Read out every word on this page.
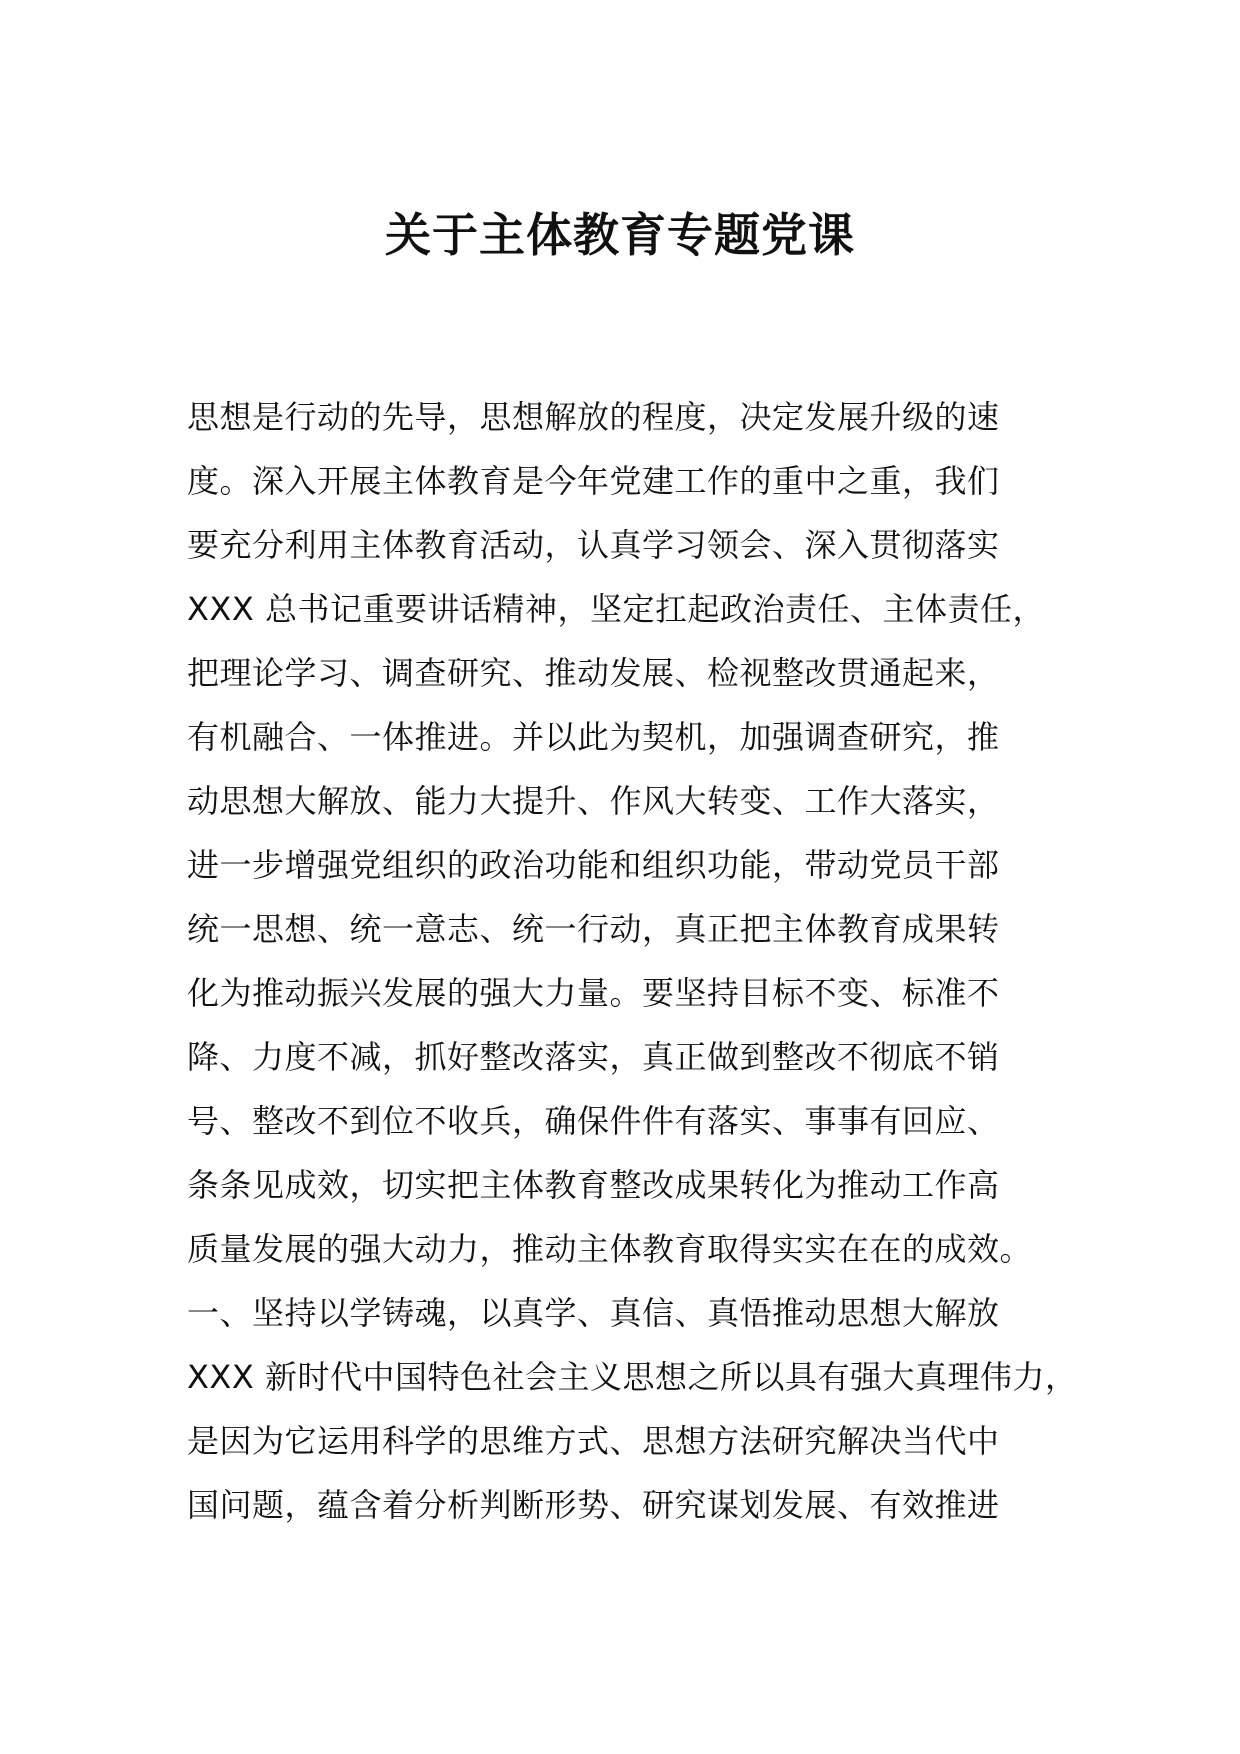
关于主体教育专题党课
思想是行动的先导，思想解放的程度，决定发展升级的速
度。深入开展主体教育是今年党建工作的重中之重，我们
要充分利用主体教育活动，认真学习领会、深入贯彻落实
XXX 总书记重要讲话精神，坚定扛起政治责任、主体责任，
把理论学习、调查研究、推动发展、检视整改贯通起来，
有机融合、一体推进。并以此为契机，加强调查研究，推
动思想大解放、能力大提升、作风大转变、工作大落实，
进一步增强党组织的政治功能和组织功能，带动党员干部
统一思想、统一意志、统一行动，真正把主体教育成果转
化为推动振兴发展的强大力量。要坚持目标不变、标准不
降、力度不减，抓好整改落实，真正做到整改不彻底不销
号、整改不到位不收兵，确保件件有落实、事事有回应、
条条见成效，切实把主体教育整改成果转化为推动工作高
质量发展的强大动力，推动主体教育取得实实在在的成效。
一、坚持以学铸魂，以真学、真信、真悟推动思想大解放
XXX 新时代中国特色社会主义思想之所以具有强大真理伟力，
是因为它运用科学的思维方式、思想方法研究解决当代中
国问题，蕴含着分析判断形势、研究谋划发展、有效推进
